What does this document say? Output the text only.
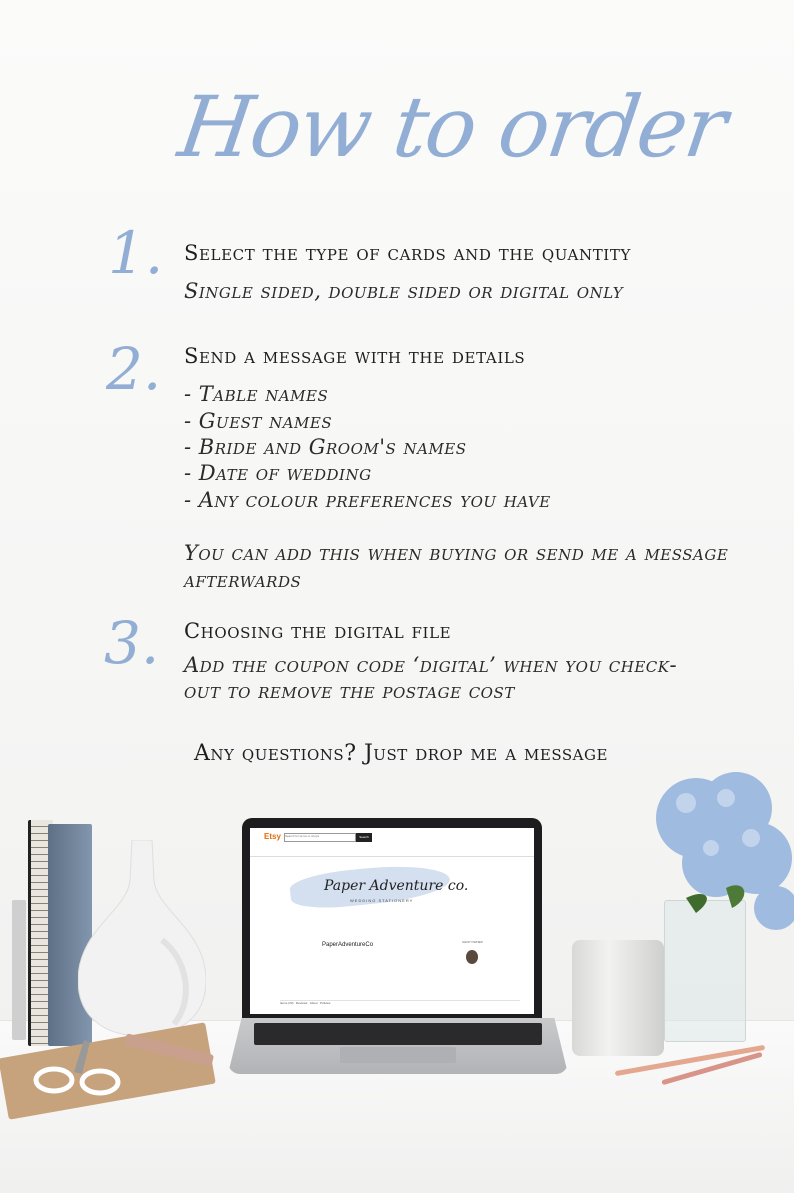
How to order
1. Select the type of cards and the quantity
Single sided, double sided or digital only
2. Send a message with the details
- Table names
- Guest names
- Bride and Groom's names
- Date of wedding
- Any colour preferences you have
You can add this when buying or send me a message
afterwards
3. Choosing the digital file
Add the coupon code ‘digital’ when you check-
out to remove the postage cost
Any questions? Just drop me a message
Etsy	Search for items or shops	Search
Paper Adventure co.
WEDDING STATIONERY
PaperAdventureCo	SHOP OWNER
Items (33) Reviews About Policies
